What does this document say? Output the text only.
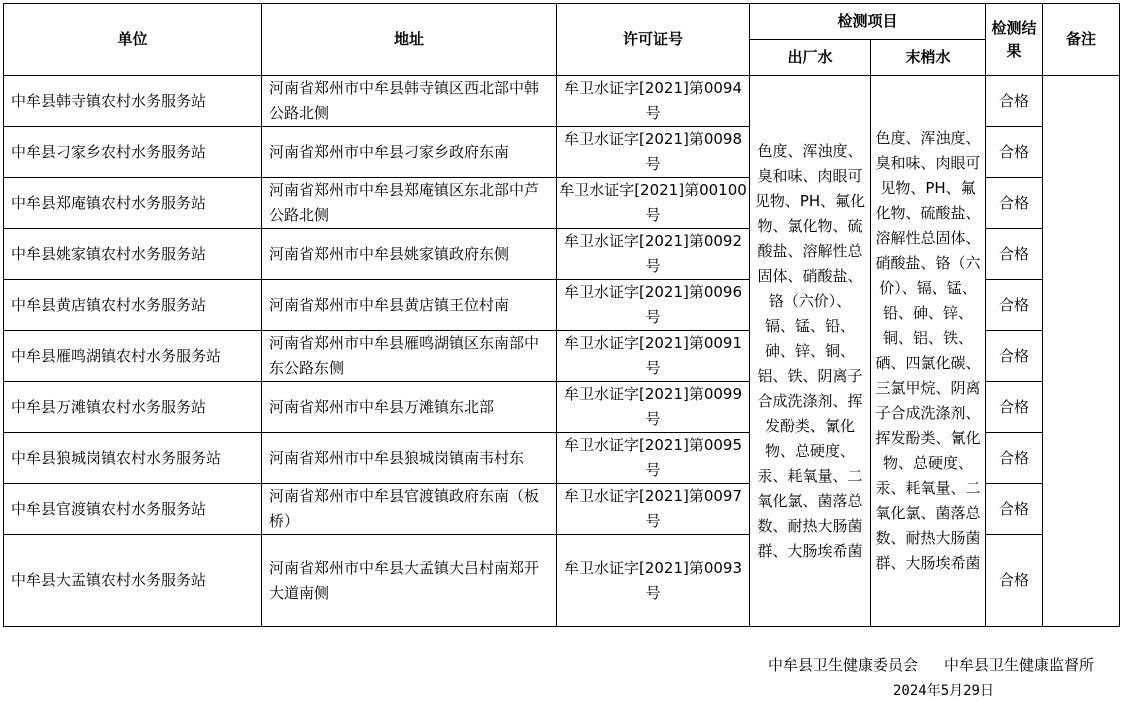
单位	地址	许可证号	检测项目		检测结果	备注
			出厂水	末梢水		
中牟县韩寺镇农村水务服务站	河南省郑州市中牟县韩寺镇区西北部中韩公路北侧	牟卫水证字[2021]第0094号	色度、浑浊度、臭和味、肉眼可见物、PH、氟化物、氯化物、硫酸盐、溶解性总固体、硝酸盐、铬（六价）、镉、锰、铅、砷、锌、铜、铝、铁、阴离子合成洗涤剂、挥发酚类、氰化物、总硬度、汞、耗氧量、二氧化氯、菌落总数、耐热大肠菌群、大肠埃希菌	色度、浑浊度、臭和味、肉眼可见物、PH、氟化物、硫酸盐、溶解性总固体、硝酸盐、铬（六价）、镉、锰、铅、砷、锌、铜、铝、铁、硒、四氯化碳、三氯甲烷、阴离子合成洗涤剂、挥发酚类、氰化物、总硬度、汞、耗氧量、二氧化氯、菌落总数、耐热大肠菌群、大肠埃希菌	合格	
中牟县刁家乡农村水务服务站	河南省郑州市中牟县刁家乡政府东南	牟卫水证字[2021]第0098号			合格	
中牟县郑庵镇农村水务服务站	河南省郑州市中牟县郑庵镇区东北部中芦公路北侧	牟卫水证字[2021]第00100号			合格	
中牟县姚家镇农村水务服务站	河南省郑州市中牟县姚家镇政府东侧	牟卫水证字[2021]第0092号			合格	
中牟县黄店镇农村水务服务站	河南省郑州市中牟县黄店镇王位村南	牟卫水证字[2021]第0096号			合格	
中牟县雁鸣湖镇农村水务服务站	河南省郑州市中牟县雁鸣湖镇区东南部中东公路东侧	牟卫水证字[2021]第0091号			合格	
中牟县万滩镇农村水务服务站	河南省郑州市中牟县万滩镇东北部	牟卫水证字[2021]第0099号			合格	
中牟县狼城岗镇农村水务服务站	河南省郑州市中牟县狼城岗镇南韦村东	牟卫水证字[2021]第0095号			合格	
中牟县官渡镇农村水务服务站	河南省郑州市中牟县官渡镇政府东南（板桥）	牟卫水证字[2021]第0097号			合格	
中牟县大孟镇农村水务服务站	河南省郑州市中牟县大孟镇大吕村南郑开大道南侧	牟卫水证字[2021]第0093号			合格	
中牟县卫生健康委员会 中牟县卫生健康监督所
2024年5月29日
